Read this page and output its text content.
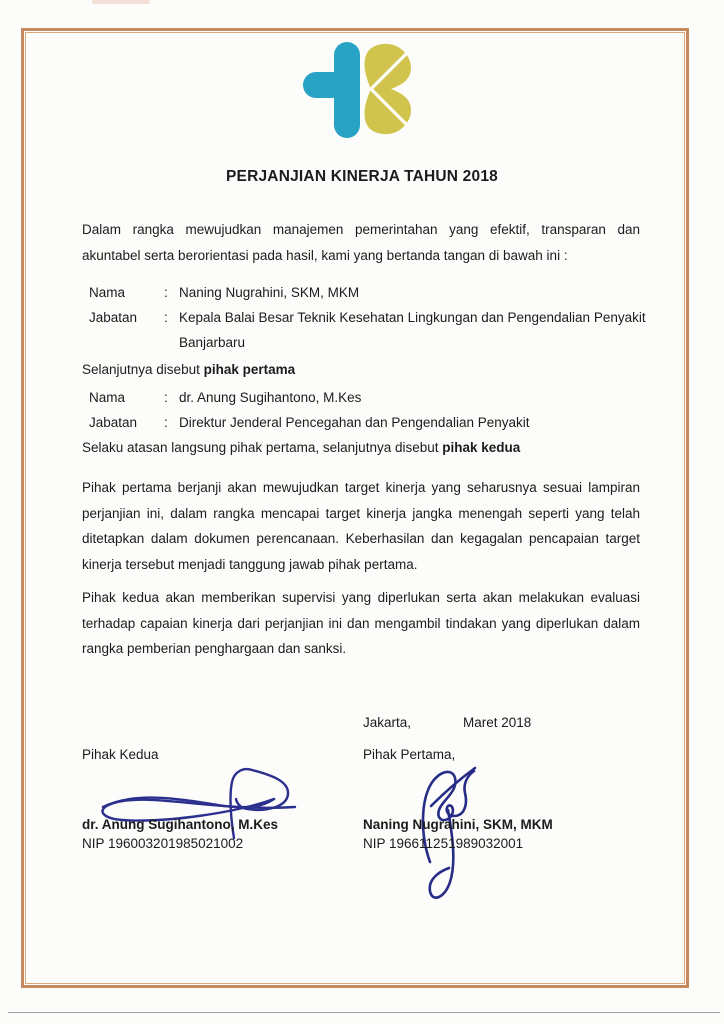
PERJANJIAN KINERJA TAHUN 2018
Dalam rangka mewujudkan manajemen pemerintahan yang efektif, transparan dan
akuntabel serta berorientasi pada hasil, kami yang bertanda tangan di bawah ini :
Nama	: Naning Nugrahini, SKM, MKM
Jabatan : Kepala Balai Besar Teknik Kesehatan Lingkungan dan Pengendalian Penyakit
Banjarbaru
Selanjutnya disebut pihak pertama
Nama	: dr. Anung Sugihantono, M.Kes
Jabatan : Direktur Jenderal Pencegahan dan Pengendalian Penyakit
Selaku atasan langsung pihak pertama, selanjutnya disebut pihak kedua
Pihak pertama berjanji akan mewujudkan target kinerja yang seharusnya sesuai lampiran
perjanjian ini, dalam rangka mencapai target kinerja jangka menengah seperti yang telah
ditetapkan dalam dokumen perencanaan. Keberhasilan dan kegagalan pencapaian target
kinerja tersebut menjadi tanggung jawab pihak pertama.
Pihak kedua akan memberikan supervisi yang diperlukan serta akan melakukan evaluasi
terhadap capaian kinerja dari perjanjian ini dan mengambil tindakan yang diperlukan dalam
rangka pemberian penghargaan dan sanksi.
Jakarta,	Maret 2018
Pihak Kedua	Pihak Pertama,
dr. Anung Sugihantono, M.Kes
NIP 196003201985021002
Naning Nugrahini, SKM, MKM
NIP 196611251989032001
